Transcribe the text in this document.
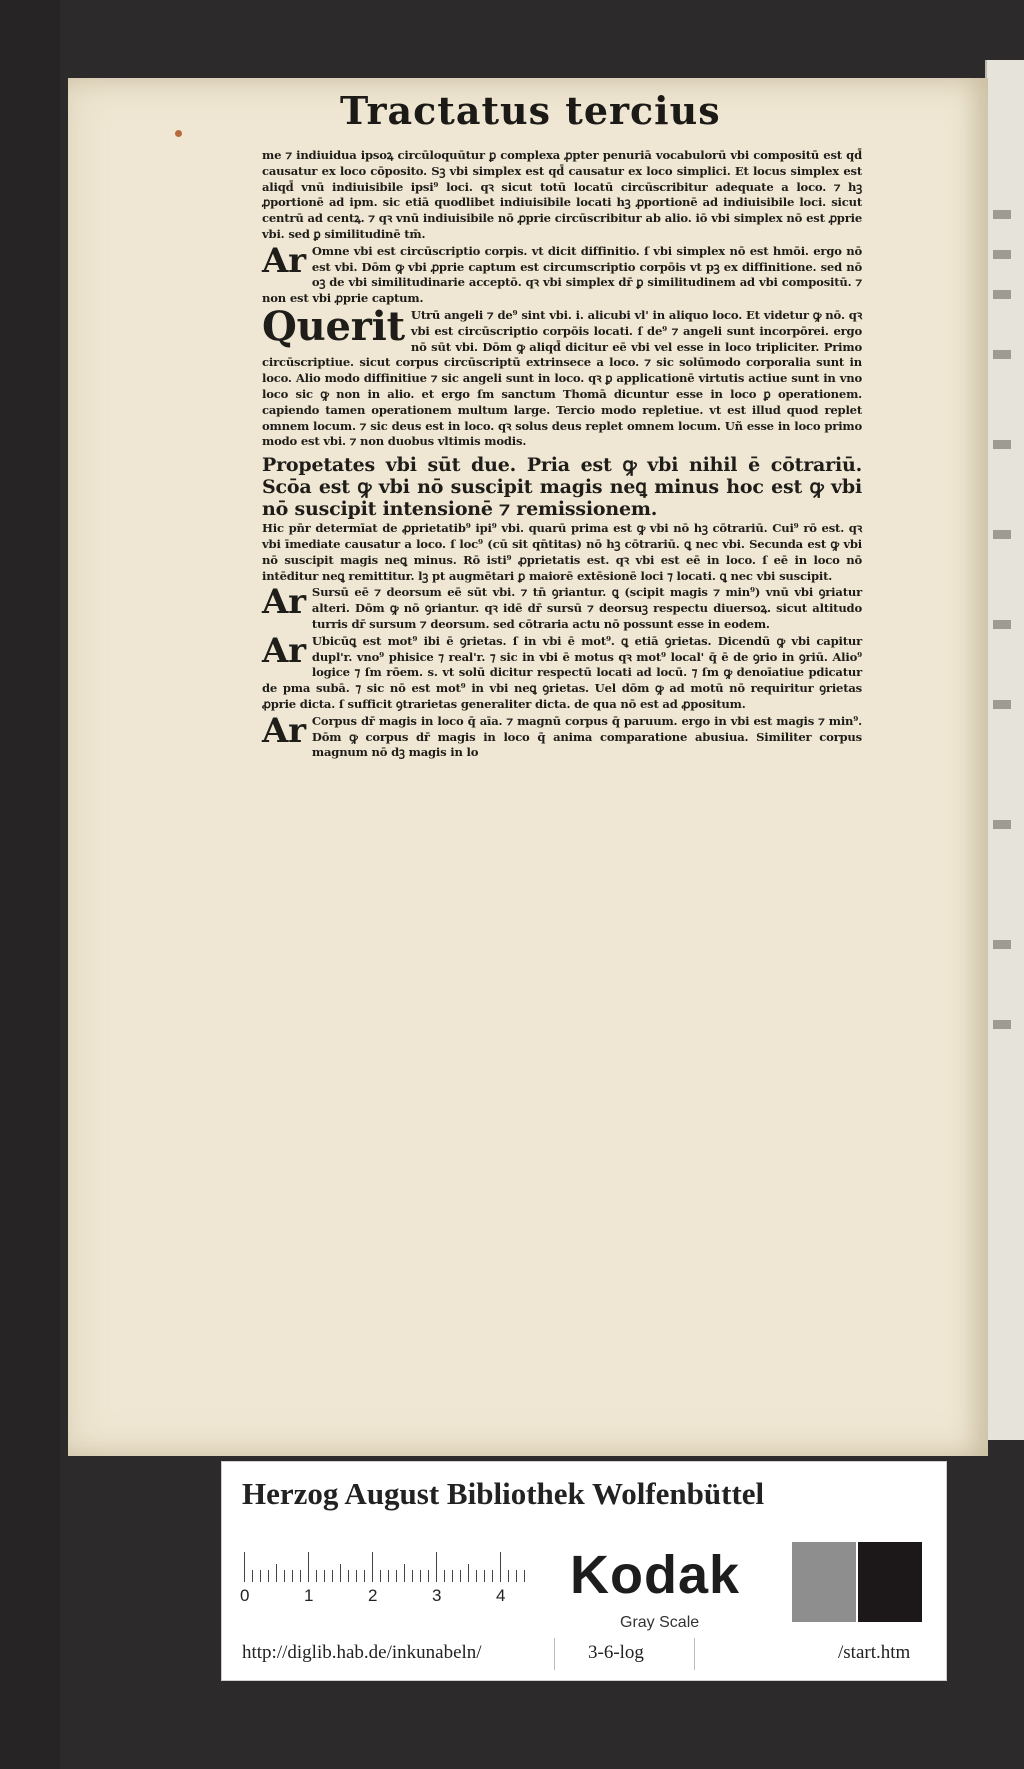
Tractatus tercius

me ⁊ indiuidua ipsoꝝ circūloquūtur ꝑ complexa ꝓpter penuriā vocabulorū vbi compositū est qd̄ causatur ex loco cōposito. Sꝫ vbi simplex est qd̄ causatur ex loco simplici. Et locus simplex est aliqd̄ vnū indiuisibile ipsi⁹ loci. qꝛ sicut totū locatū circūscribitur adequate a loco. ⁊ hꝫ ꝓportionē ad ipm. sic etiā quodlibet indiuisibile locati hꝫ ꝓportionē ad indiuisibile loci. sicut centrū ad centꝝ. ⁊ qꝛ vnū indiuisibile nō ꝓprie circūscribitur ab alio. iō vbi simplex nō est ꝓprie vbi. sed ꝑ similitudinē tm̄.

Ar Omne vbi est circūscriptio corpis. vt dicit diffinitio. ſ vbi simplex nō est hmōi. ergo nō est vbi. Dōm ꝙ vbi ꝓprie captum est circumscriptio corpōis vt pꝫ ex diffinitione. sed nō oꝫ de vbi similitudinarie acceptō. qꝛ vbi simplex dr̄ ꝑ similitudinem ad vbi compositū. ⁊ non est vbi ꝓprie captum.

Querit Utrū angeli ⁊ de⁹ sint vbi. i. alicubi vl' in aliquo loco. Et videtur ꝙ nō. qꝛ vbi est circūscriptio corpōis locati. ſ de⁹ ⁊ angeli sunt incorpōrei. ergo nō sūt vbi. Dōm ꝙ aliqd̄ dicitur eē vbi vel esse in loco tripliciter. Primo circūscriptiue. sicut corpus circūscriptū extrinsece a loco. ⁊ sic solūmodo corporalia sunt in loco. Alio modo diffinitiue ⁊ sic angeli sunt in loco. qꝛ ꝑ applicationē virtutis actiue sunt in vno loco sic ꝙ non in alio. et ergo ſm sanctum Thomā dicuntur esse in loco ꝑ operationem. capiendo tamen operationem multum large. Tercio modo repletiue. vt est illud quod replet omnem locum. ⁊ sic deus est in loco. qꝛ solus deus replet omnem locum. Uñ esse in loco primo modo est vbi. ⁊ non duobus vltimis modis.

Propetates vbi sūt due. Pria est ꝙ vbi nihil ē cōtrariū. Scōa est ꝙ vbi nō suscipit magis neꝗ minus hoc est ꝙ vbi nō suscipit intensionē ⁊ remissionem.

Hic pn̄r determīat de ꝓprietatib⁹ ipi⁹ vbi. quarū prima est ꝙ vbi nō hꝫ cōtrariū. Cui⁹ rō est. qꝛ vbi īmediate causatur a loco. ſ loc⁹ (cū sit qn̄titas) nō hꝫ cōtrariū. ꝗ nec vbi. Secunda est ꝙ vbi nō suscipit magis neꝗ minus. Rō isti⁹ ꝓprietatis est. qꝛ vbi est eē in loco. ſ eē in loco nō intēditur neꝗ remittitur. lꝫ pt augmētari ꝑ maiorē extēsionē loci ⁊ locati. ꝗ nec vbi suscipit.

Ar Sursū eē ⁊ deorsum eē sūt vbi. ⁊ tn̄ ꝯriantur. ꝗ (scipit magis ⁊ min⁹) vnū vbi ꝯriatur alteri. Dōm ꝙ nō ꝯriantur. qꝛ idē dr̄ sursū ⁊ deorsuꝫ respectu diuersoꝝ. sicut altitudo turris dr̄ sursum ⁊ deorsum. sed cōtraria actu nō possunt esse in eodem.

Ar Ubicūꝗ est mot⁹ ibi ē ꝯrietas. ſ in vbi ē mot⁹. ꝗ etiā ꝯrietas. Dicendū ꝙ vbi capitur dupl'r. vno⁹ phisice ⁊ real'r. ⁊ sic in vbi ē motus qꝛ mot⁹ local' q̄ ē de ꝯrio in ꝯriū. Alio⁹ logice ⁊ ſm rōem. s. vt solū dicitur respectū locati ad locū. ⁊ ſm ꝙ denoīatiue pdicatur de pma subā. ⁊ sic nō est mot⁹ in vbi neꝗ ꝯrietas. Uel dōm ꝙ ad motū nō requiritur ꝯrietas ꝓprie dicta. ſ sufficit ꝯtrarietas generaliter dicta. de qua nō est ad ꝓpositum.

Ar Corpus dr̄ magis in loco q̄ aīa. ⁊ magnū corpus q̄ paruum. ergo in vbi est magis ⁊ min⁹. Dōm ꝙ corpus dr̄ magis in loco q̄ anima comparatione abusiua. Similiter corpus magnum nō dꝫ magis in lo

Herzog August Bibliothek Wolfenbüttel
0	1	2	3	4 Kodak
Gray Scale
http://diglib.hab.de/inkunabeln/	3-6-log	/start.htm
